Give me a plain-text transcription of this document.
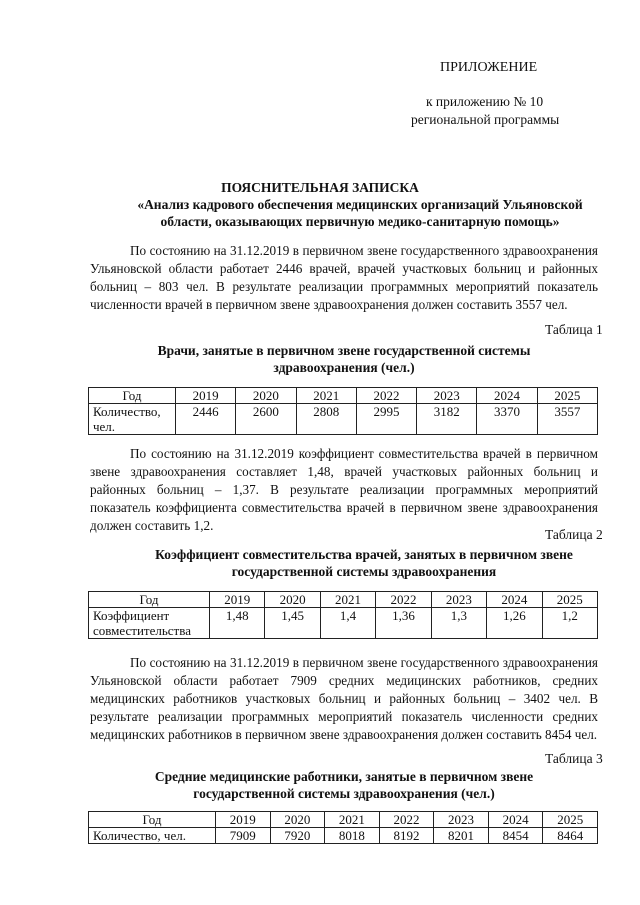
ПРИЛОЖЕНИЕ
к приложению № 10
региональной программы
ПОЯСНИТЕЛЬНАЯ ЗАПИСКА
«Анализ кадрового обеспечения медицинских организаций Ульяновской
области, оказывающих первичную медико-санитарную помощь»
По состоянию на 31.12.2019 в первичном звене государственного здравоохранения Ульяновской области работает 2446 врачей, врачей участковых больниц и районных больниц – 803 чел. В результате реализации программных мероприятий показатель численности врачей в первичном звене здравоохранения должен составить 3557 чел.
Таблица 1
Врачи, занятые в первичном звене государственной системы
здравоохранения (чел.)
Год	2019	2020	2021	2022	2023	2024	2025

Количество,
чел.	2446	2600	2808	2995	3182	3370	3557
По состоянию на 31.12.2019 коэффициент совместительства врачей в первичном звене здравоохранения составляет 1,48, врачей участковых районных больниц и районных больниц – 1,37. В результате реализации программных мероприятий показатель коэффициента совместительства врачей в первичном звене здравоохранения должен составить 1,2.
Таблица 2
Коэффициент совместительства врачей, занятых в первичном звене
государственной системы здравоохранения
Год	2019	2020	2021	2022	2023	2024	2025

Коэффициент
совместительства	1,48	1,45	1,4	1,36	1,3	1,26	1,2
По состоянию на 31.12.2019 в первичном звене государственного здравоохранения Ульяновской области работает 7909 средних медицинских работников, средних медицинских работников участковых больниц и районных больниц – 3402 чел. В результате реализации программных мероприятий показатель численности средних медицинских работников в первичном звене здравоохранения должен составить 8454 чел.
Таблица 3
Средние медицинские работники, занятые в первичном звене
государственной системы здравоохранения (чел.)
Год	2019	2020	2021	2022	2023	2024	2025
Количество, чел.	7909	7920	8018	8192	8201	8454	8464
